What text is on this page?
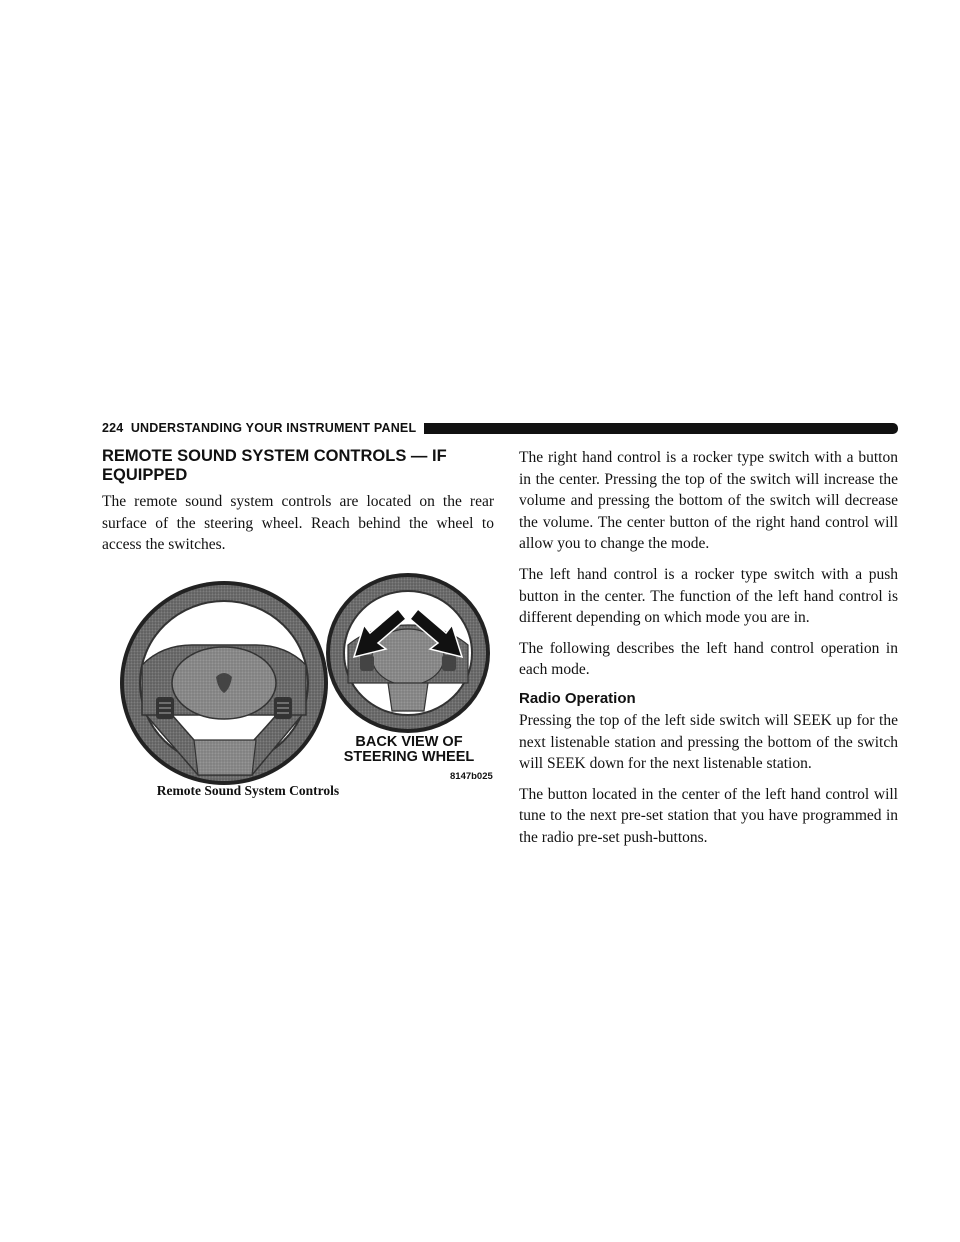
224 UNDERSTANDING YOUR INSTRUMENT PANEL
REMOTE SOUND SYSTEM CONTROLS — IF
EQUIPPED

The remote sound system controls are located on the rear surface of the steering wheel. Reach behind the wheel to access the switches.

BACK VIEW OF
STEERING WHEEL
8147b025
Remote Sound System Controls

The right hand control is a rocker type switch with a button in the center. Pressing the top of the switch will increase the volume and pressing the bottom of the switch will decrease the volume. The center button of the right hand control will allow you to change the mode.

The left hand control is a rocker type switch with a push button in the center. The function of the left hand control is different depending on which mode you are in.

The following describes the left hand control operation in each mode.

Radio Operation

Pressing the top of the left side switch will SEEK up for the next listenable station and pressing the bottom of the switch will SEEK down for the next listenable station.

The button located in the center of the left hand control will tune to the next pre-set station that you have programmed in the radio pre-set push-buttons.
